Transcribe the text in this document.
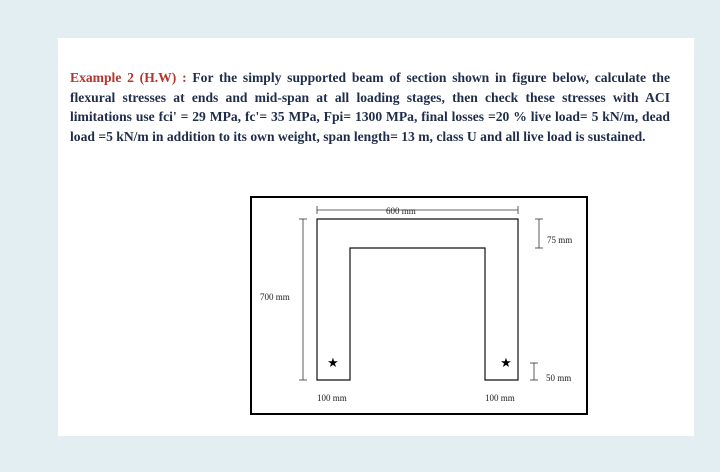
Example 2 (H.W) : For the simply supported beam of section shown in figure below, calculate the flexural stresses at ends and mid-span at all loading stages, then check these stresses with ACI limitations use fci' = 29 MPa, fc'= 35 MPa, Fpi= 1300 MPa, final losses =20 % live load= 5 kN/m, dead load =5 kN/m in addition to its own weight, span length= 13 m, class U and all live load is sustained.

600 mm
75 mm
700 mm
50 mm
★	★
100 mm	100 mm
